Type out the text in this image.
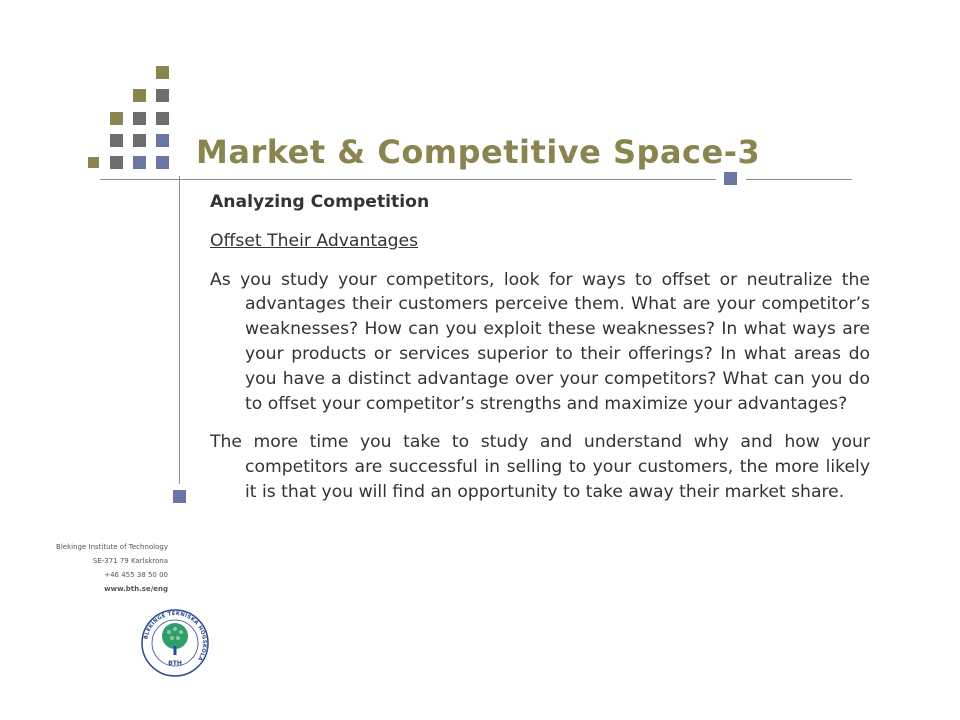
Market & Competitive Space-3

Analyzing Competition

Offset Their Advantages

As you study your competitors, look for ways to offset or neutralize the advantages their customers perceive them. What are your competitor’s weaknesses? How can you exploit these weaknesses? In what ways are your products or services superior to their offerings? In what areas do you have a distinct advantage over your competitors? What can you do to offset your competitor’s strengths and maximize your advantages?

The more time you take to study and understand why and how your competitors are successful in selling to your customers, the more likely it is that you will find an opportunity to take away their market share.

Blekinge Institute of Technology
SE-371 79 Karlskrona
+46 455 38 50 00
www.bth.se/eng
BLEKINGE TEKNISKA HÖGSKOLA
BTH
